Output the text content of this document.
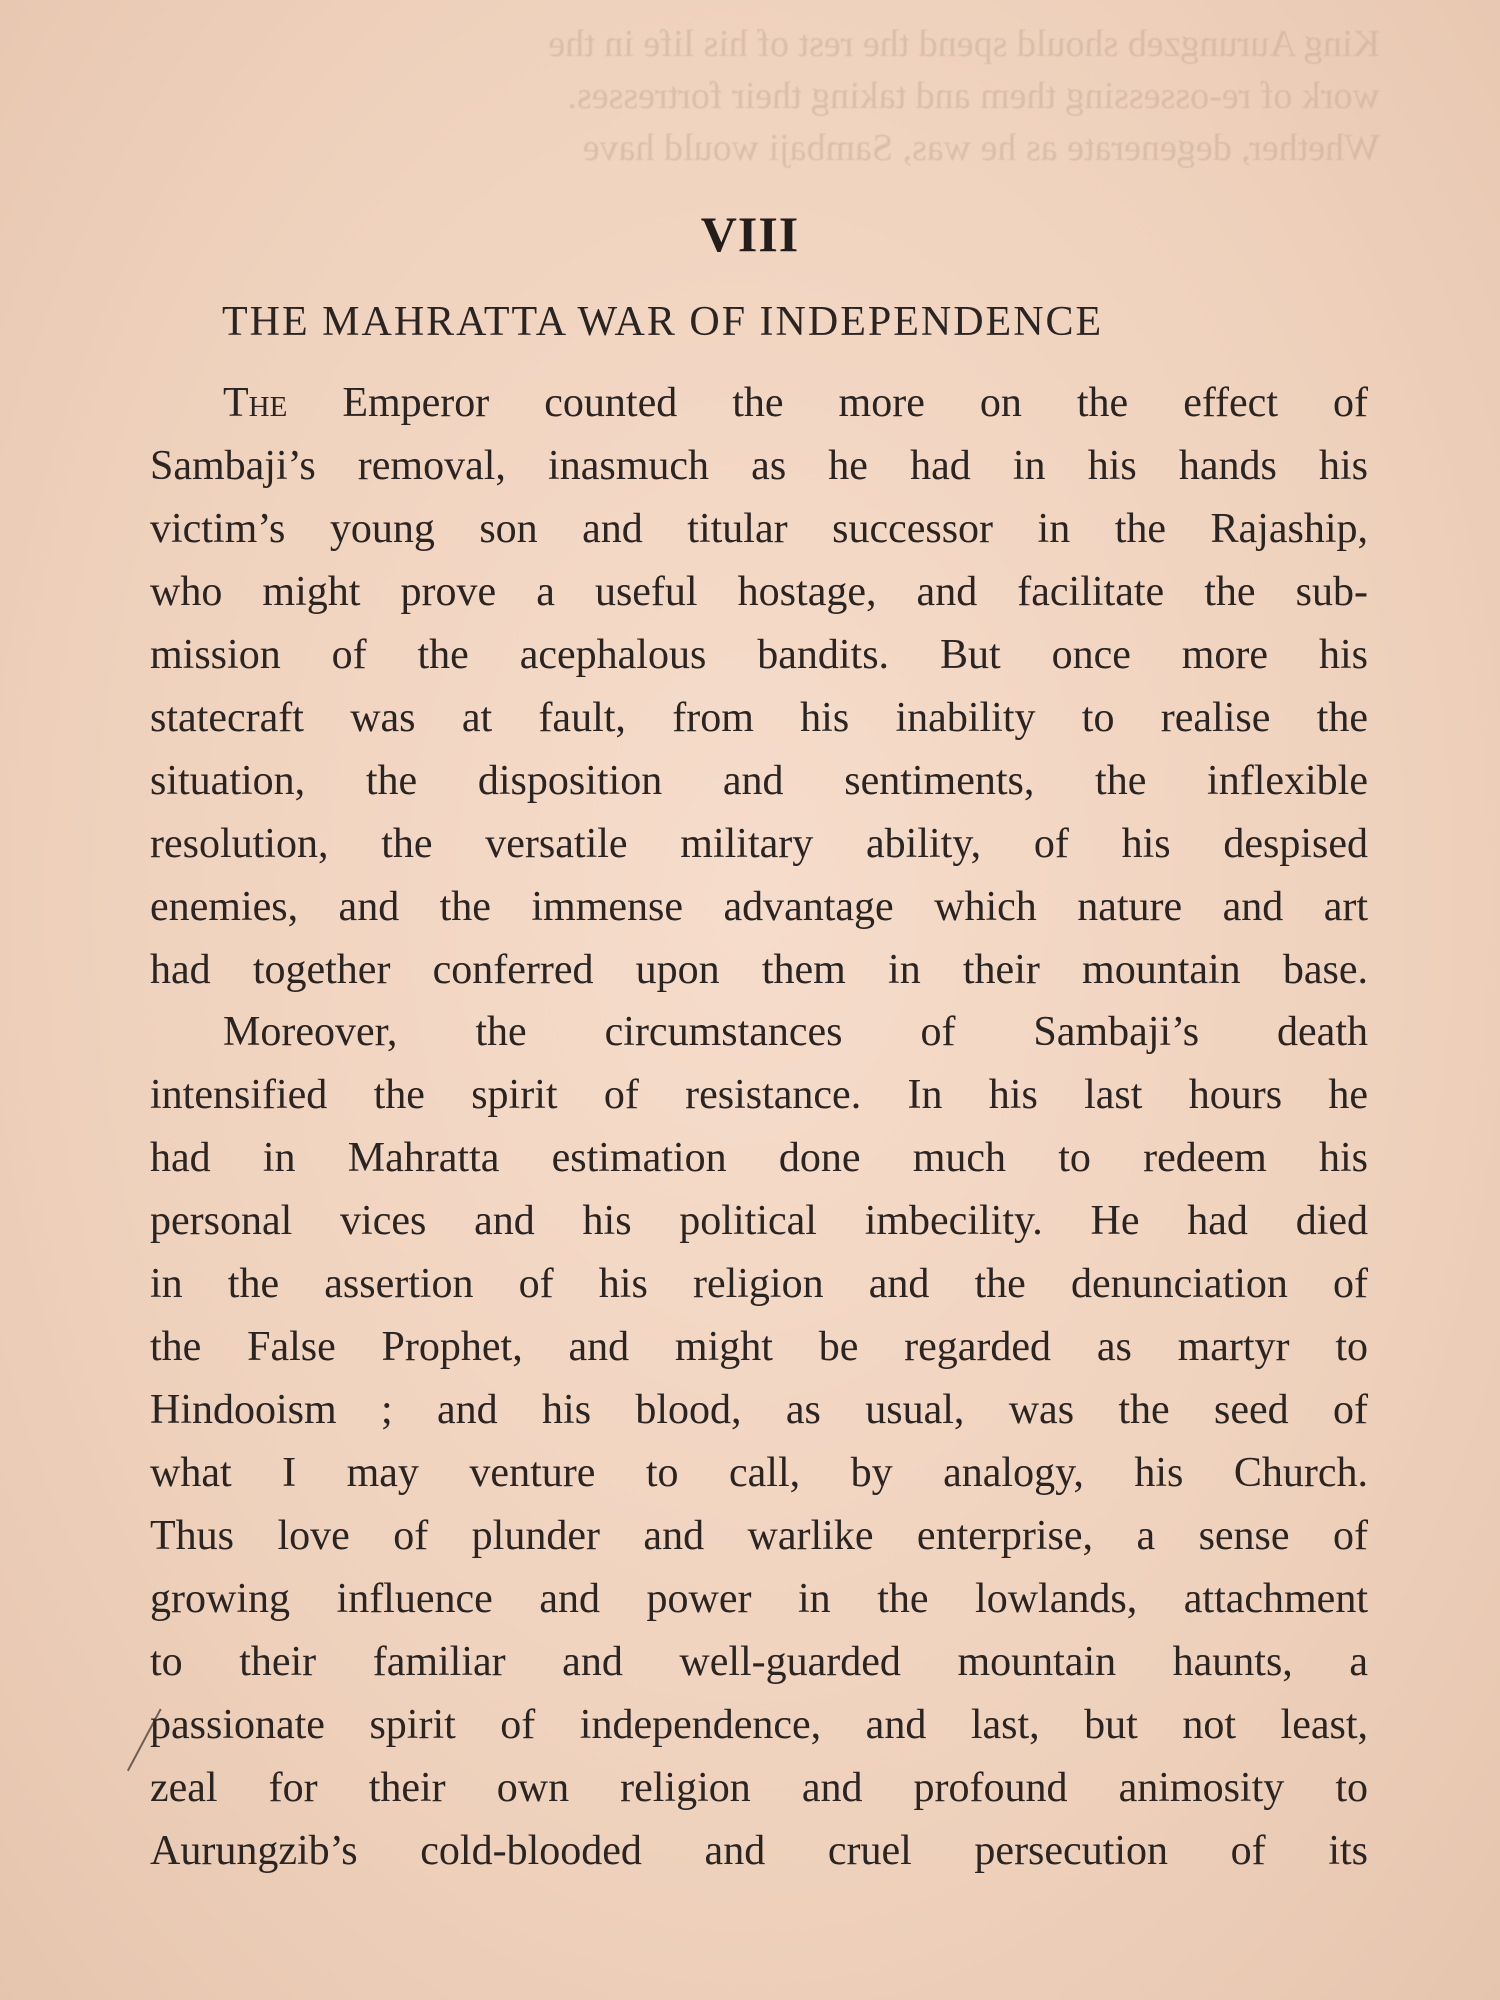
King Aurungzeb should spend the rest of his life in the
work of re-ossessing them and taking their fortresses.
Whether, degenerate as he was, Sambaji would have
VIII
THE MAHRATTA WAR OF INDEPENDENCE
The Emperor counted the more on the effect of
Sambaji’s removal, inasmuch as he had in his hands his
victim’s young son and titular successor in the Rajaship,
who might prove a useful hostage, and facilitate the sub-
mission of the acephalous bandits. But once more his
statecraft was at fault, from his inability to realise the
situation, the disposition and sentiments, the inflexible
resolution, the versatile military ability, of his despised
enemies, and the immense advantage which nature and art
had together conferred upon them in their mountain base.
Moreover, the circumstances of Sambaji’s death
intensified the spirit of resistance. In his last hours he
had in Mahratta estimation done much to redeem his
personal vices and his political imbecility. He had died
in the assertion of his religion and the denunciation of
the False Prophet, and might be regarded as martyr to
Hindooism ; and his blood, as usual, was the seed of
what I may venture to call, by analogy, his Church.
Thus love of plunder and warlike enterprise, a sense of
growing influence and power in the lowlands, attachment
to their familiar and well-guarded mountain haunts, a
passionate spirit of independence, and last, but not least,
zeal for their own religion and profound animosity to
Aurungzib’s cold-blooded and cruel persecution of its
